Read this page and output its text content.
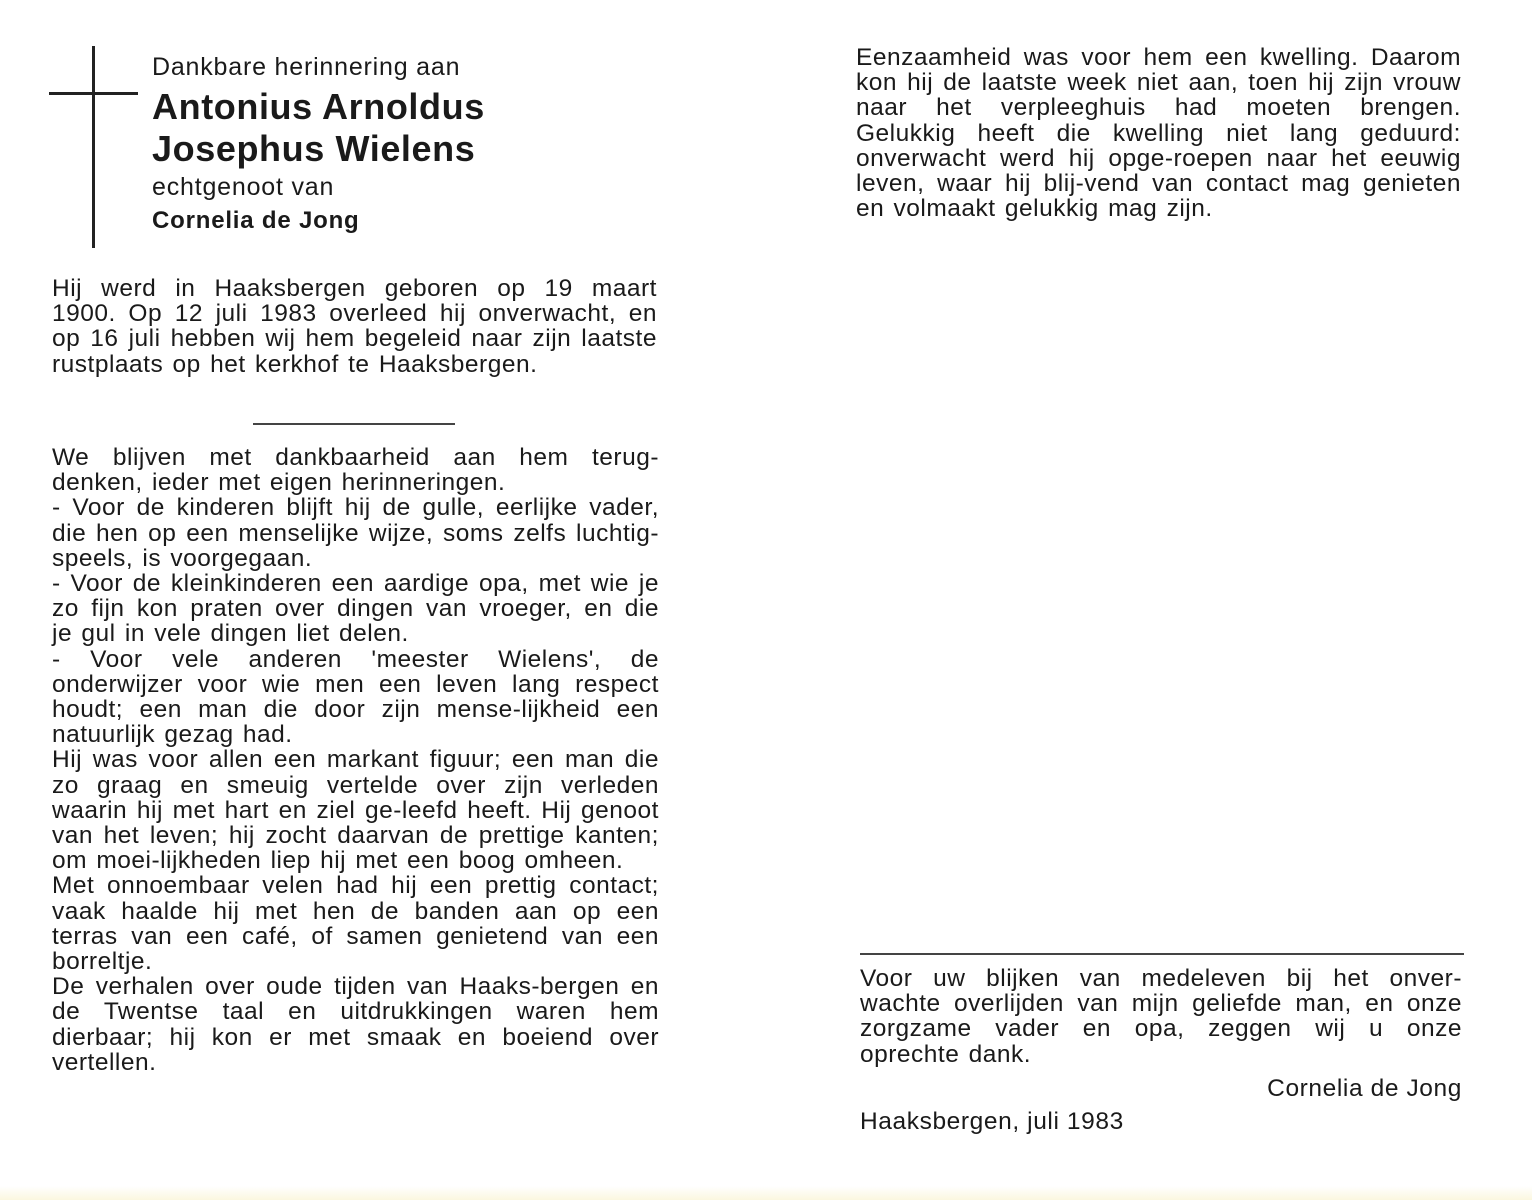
Dankbare herinnering aan
Antonius Arnoldus
Josephus Wielens
echtgenoot van
Cornelia de Jong

Hij werd in Haaksbergen geboren op 19 maart 1900. Op 12 juli 1983 overleed hij onverwacht, en op 16 juli hebben wij hem begeleid naar zijn laatste rustplaats op het kerkhof te Haaksbergen.

We blijven met dankbaarheid aan hem terug-denken, ieder met eigen herinneringen.

- Voor de kinderen blijft hij de gulle, eerlijke vader, die hen op een menselijke wijze, soms zelfs luchtig-speels, is voorgegaan.

- Voor de kleinkinderen een aardige opa, met wie je zo fijn kon praten over dingen van vroeger, en die je gul in vele dingen liet delen.

- Voor vele anderen 'meester Wielens', de onderwijzer voor wie men een leven lang respect houdt; een man die door zijn mense-lijkheid een natuurlijk gezag had.

Hij was voor allen een markant figuur; een man die zo graag en smeuig vertelde over zijn verleden waarin hij met hart en ziel ge-leefd heeft. Hij genoot van het leven; hij zocht daarvan de prettige kanten; om moei-lijkheden liep hij met een boog omheen.

Met onnoembaar velen had hij een prettig contact; vaak haalde hij met hen de banden aan op een terras van een café, of samen genietend van een borreltje.

De verhalen over oude tijden van Haaks-bergen en de Twentse taal en uitdrukkingen waren hem dierbaar; hij kon er met smaak en boeiend over vertellen.

Eenzaamheid was voor hem een kwelling. Daarom kon hij de laatste week niet aan, toen hij zijn vrouw naar het verpleeghuis had moeten brengen. Gelukkig heeft die kwelling niet lang geduurd: onverwacht werd hij opge-roepen naar het eeuwig leven, waar hij blij-vend van contact mag genieten en volmaakt gelukkig mag zijn.

Voor uw blijken van medeleven bij het onver-wachte overlijden van mijn geliefde man, en onze zorgzame vader en opa, zeggen wij u onze oprechte dank.

Cornelia de Jong
Haaksbergen, juli 1983
